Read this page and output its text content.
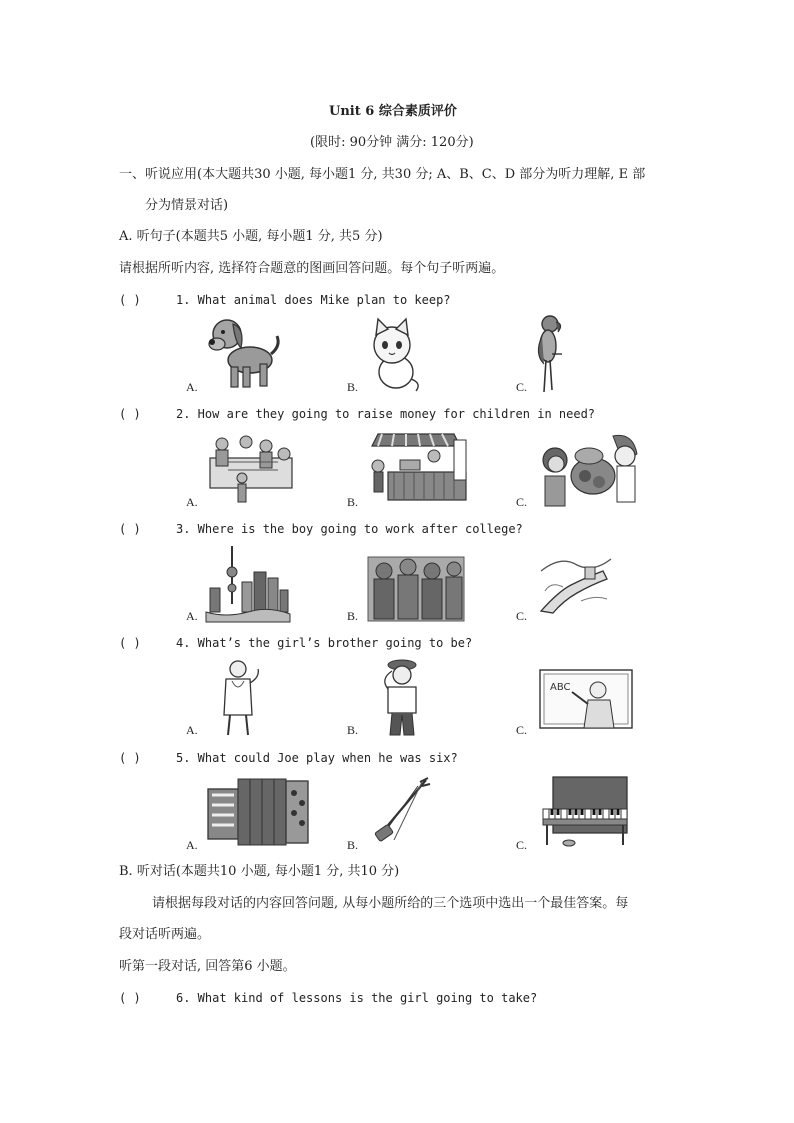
Unit 6 综合素质评价
(限时: 90分钟 满分: 120分)
一、听说应用(本大题共30 小题, 每小题1 分, 共30 分; A、B、C、D 部分为听力理解, E 部
分为情景对话)
A. 听句子(本题共5 小题, 每小题1 分, 共5 分)
请根据所听内容, 选择符合题意的图画回答问题。每个句子听两遍。
( )	1. What animal does Mike plan to keep?
A.	B.	C.
( )	2. How are they going to raise money for children in need?
A.	B.	C.
( )	3. Where is the boy going to work after college?
A.	B.	C.
( )	4. What’s the girl’s brother going to be?
ABC
A.	B.	C.
( )	5. What could Joe play when he was six?
A.	B.	C.
B. 听对话(本题共10 小题, 每小题1 分, 共10 分)
请根据每段对话的内容回答问题, 从每小题所给的三个选项中选出一个最佳答案。每
段对话听两遍。
听第一段对话, 回答第6 小题。
( )	6. What kind of lessons is the girl going to take?
